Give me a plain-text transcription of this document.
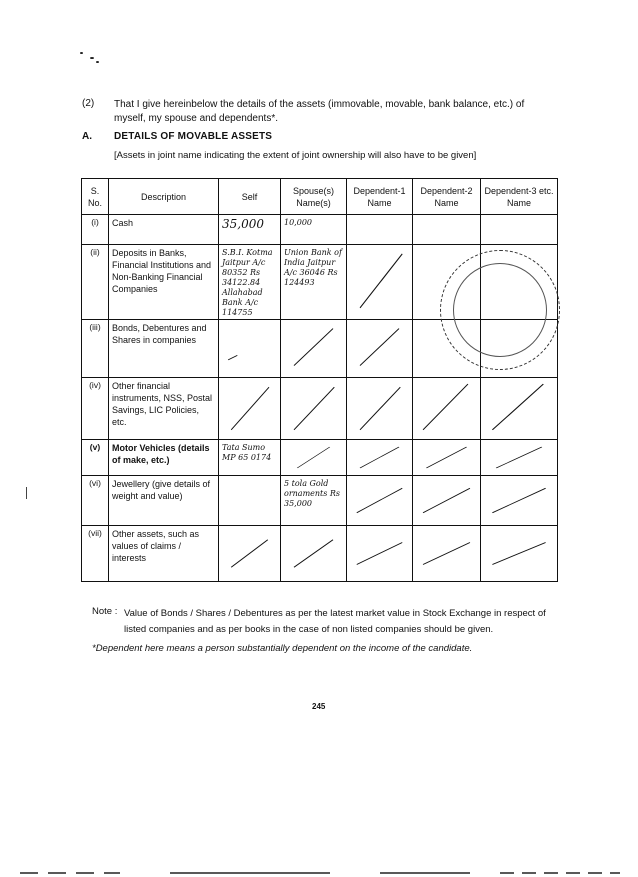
(2) That I give hereinbelow the details of the assets (immovable, movable, bank balance, etc.) of myself, my spouse and dependents*.
A. DETAILS OF MOVABLE ASSETS
[Assets in joint name indicating the extent of joint ownership will also have to be given]
S. No.	Description	Self	Spouse(s) Name(s)	Dependent-1 Name	Dependent-2 Name	Dependent-3 etc. Name
(i)	Cash	35,000	10,000			
(ii)	Deposits in Banks, Financial Institutions and Non-Banking Financial Companies	S.B.I. Kotma Jaitpur A/c 80352 Rs 34122.84 Allahabad Bank A/c 114755	Union Bank of India Jaitpur A/c 36046 Rs 124493	

(iii)	Bonds, Debentures and Shares in companies	

(iv)	Other financial instruments, NSS, Postal Savings, LIC Policies, etc.	

(v)	Motor Vehicles (details of make, etc.)	Tata Sumo MP 65 0174	

(vi)	Jewellery (give details of weight and value)		5 tola Gold ornaments Rs 35,000	

(vii)	Other assets, such as values of claims / interests	

Note : Value of Bonds / Shares / Debentures as per the latest market value in Stock Exchange in respect of listed companies and as per books in the case of non listed companies should be given.
*Dependent here means a person substantially dependent on the income of the candidate.
245
